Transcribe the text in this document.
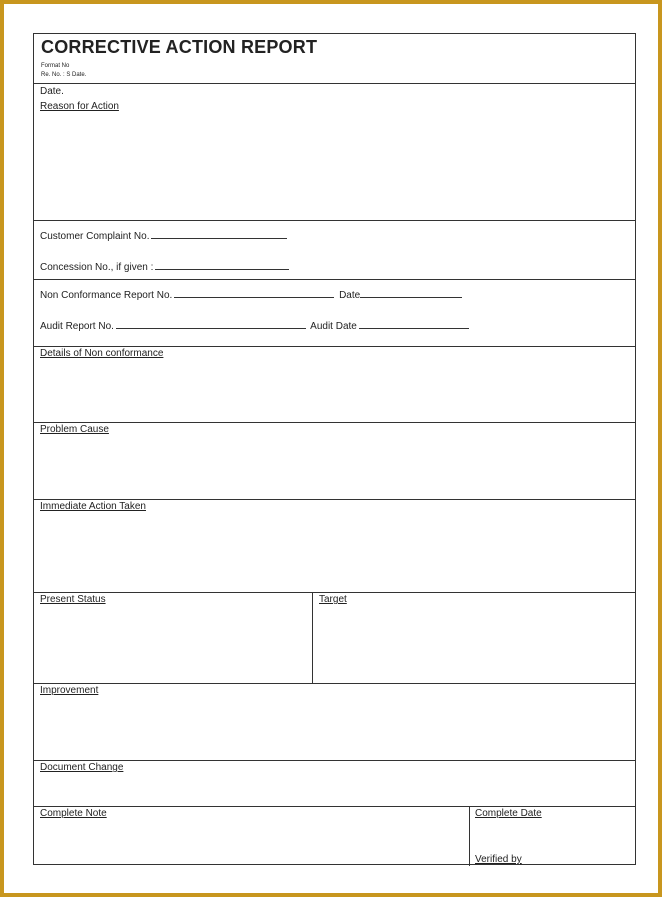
CORRECTIVE ACTION REPORT
Format No
Re. No. : S Date.
Date.
Reason for Action
Customer Complaint No.
Concession No., if given :
Non Conformance Report No.	Date
Audit Report No.	Audit Date
Details of Non conformance
Problem Cause
Immediate Action Taken
Present Status	Target
Improvement
Document Change
Complete Note	Complete Date
Verified by
